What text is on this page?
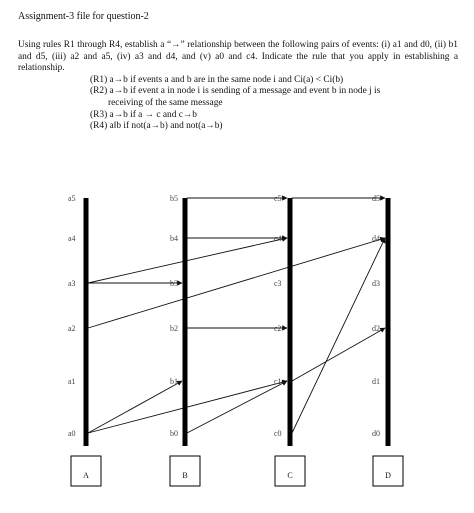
Assignment-3 file for question-2

Using rules R1 through R4, establish a “→” relationship between the following pairs of events: (i) a1 and d0, (ii) b1 and d5, (iii) a2 and a5, (iv) a3 and d4, and (v) a0 and c4. Indicate the rule that you apply in establishing a relationship.

(R1) a→b if events a and b are in the same node i and Ci(a) < Ci(b)

(R2) a→b if event a in node i is sending of a message and event b in node j is

receiving of the same message

(R3) a→b if a → c and c→b

(R4) a‖b if not(a→b) and not(a→b)

a0
a1
a2
a3
a4
a5
b0
b1
b2
b3
b4
b5
c0
c1
c2
c3
c4
c5
d0
d1
d2
d3
d4
d5
A	B	C	D
